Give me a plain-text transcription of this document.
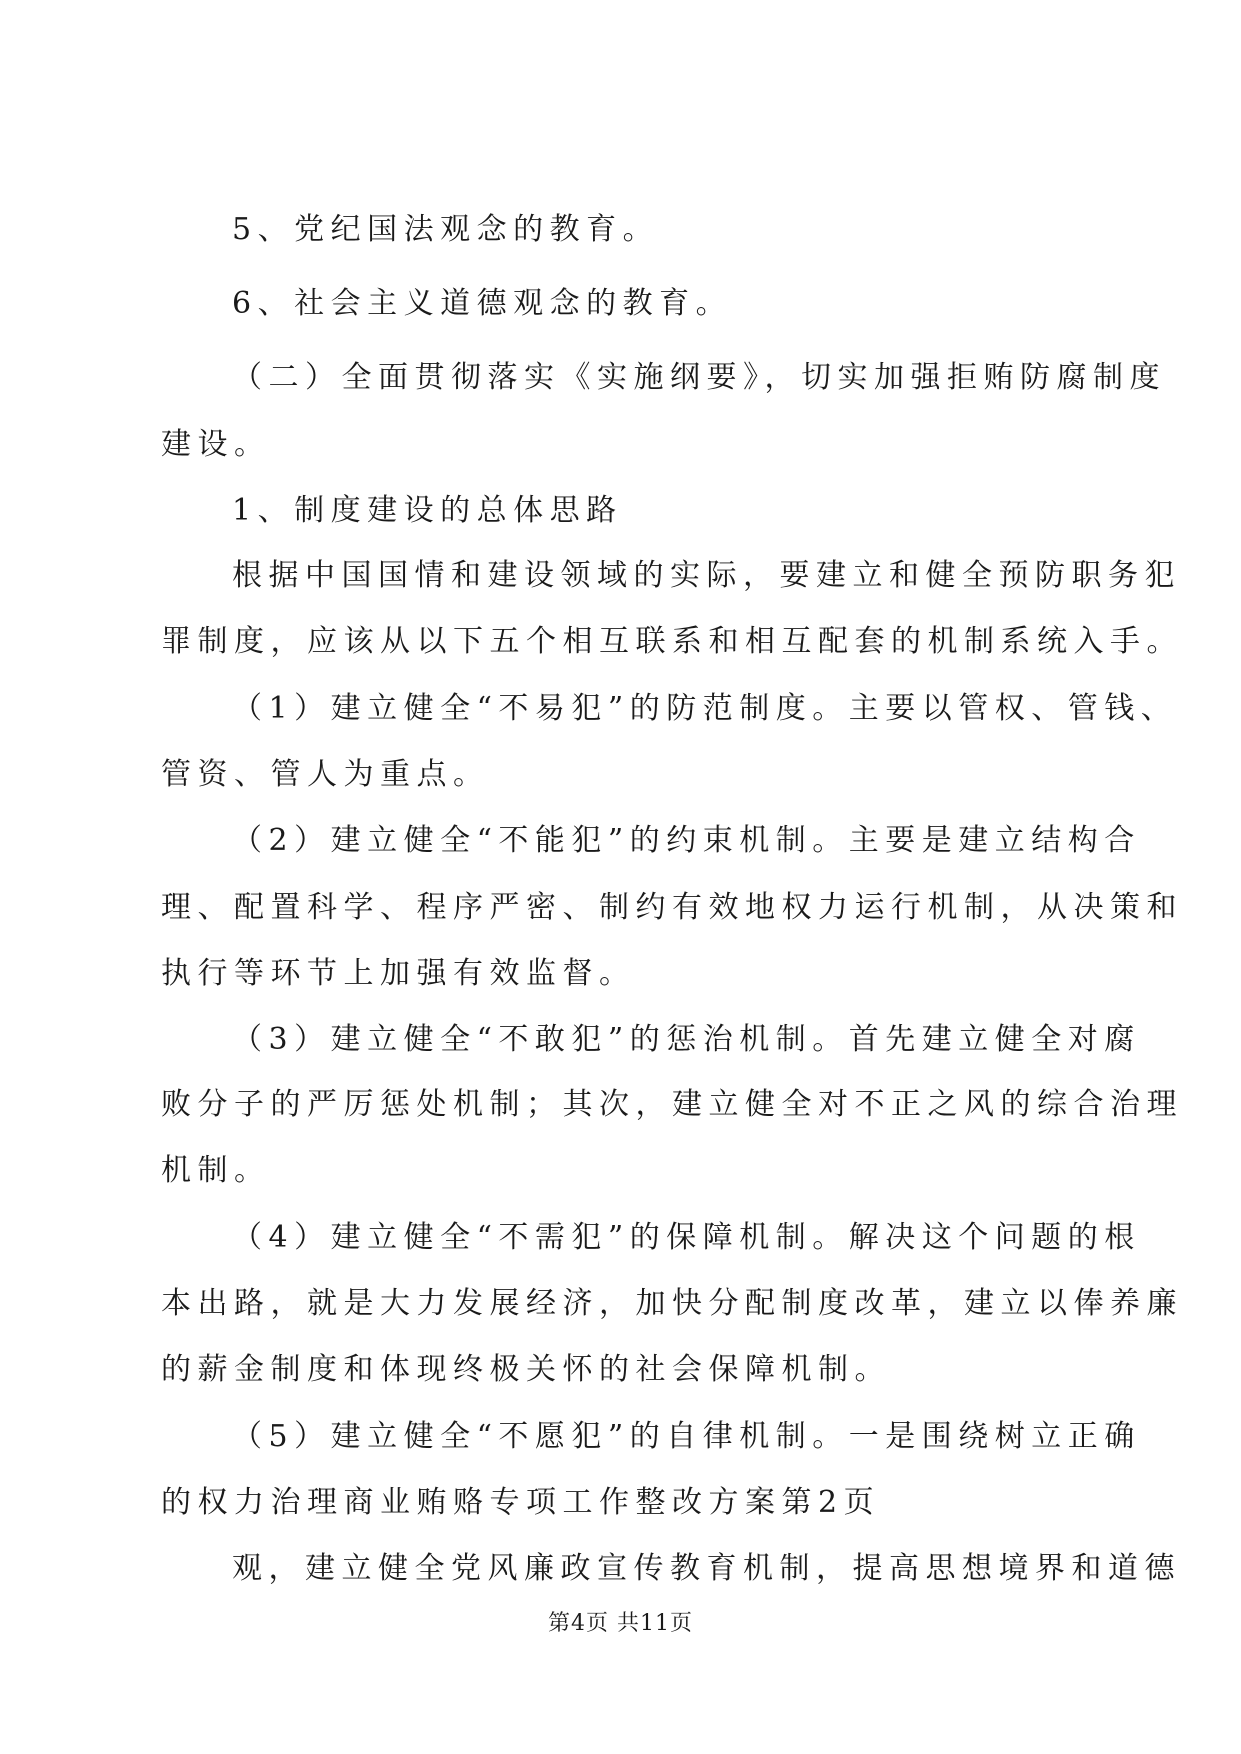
5、党纪国法观念的教育。
6、社会主义道德观念的教育。
（二）全面贯彻落实《实施纲要》，切实加强拒贿防腐制度
建设。
1、制度建设的总体思路
根据中国国情和建设领域的实际，要建立和健全预防职务犯
罪制度，应该从以下五个相互联系和相互配套的机制系统入手。
（1）建立健全“不易犯”的防范制度。主要以管权、管钱、
管资、管人为重点。
（2）建立健全“不能犯”的约束机制。主要是建立结构合
理、配置科学、程序严密、制约有效地权力运行机制，从决策和
执行等环节上加强有效监督。
（3）建立健全“不敢犯”的惩治机制。首先建立健全对腐
败分子的严厉惩处机制；其次，建立健全对不正之风的综合治理
机制。
（4）建立健全“不需犯”的保障机制。解决这个问题的根
本出路，就是大力发展经济，加快分配制度改革，建立以俸养廉
的薪金制度和体现终极关怀的社会保障机制。
（5）建立健全“不愿犯”的自律机制。一是围绕树立正确
的权力治理商业贿赂专项工作整改方案第2页
观，建立健全党风廉政宣传教育机制，提高思想境界和道德
第4页 共11页
